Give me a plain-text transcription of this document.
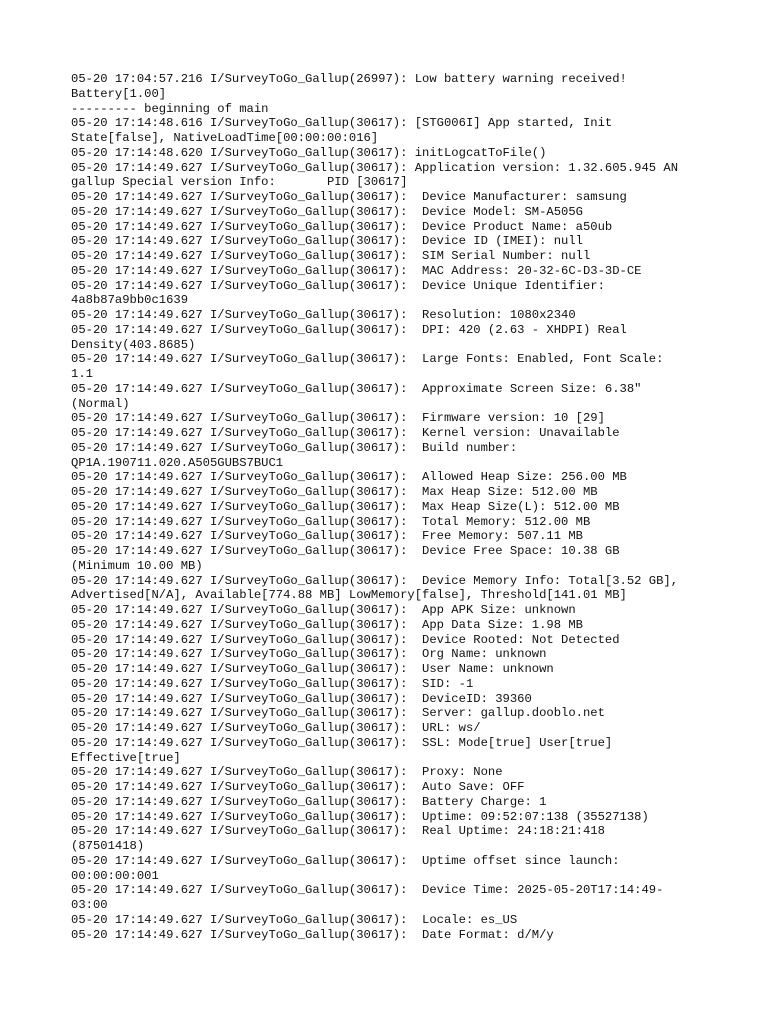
05-20 17:04:57.216 I/SurveyToGo_Gallup(26997): Low battery warning received!
Battery[1.00]
--------- beginning of main
05-20 17:14:48.616 I/SurveyToGo_Gallup(30617): [STG006I] App started, Init
State[false], NativeLoadTime[00:00:00:016]
05-20 17:14:48.620 I/SurveyToGo_Gallup(30617): initLogcatToFile()
05-20 17:14:49.627 I/SurveyToGo_Gallup(30617): Application version: 1.32.605.945 AN
gallup Special version Info:       PID [30617]
05-20 17:14:49.627 I/SurveyToGo_Gallup(30617):  Device Manufacturer: samsung
05-20 17:14:49.627 I/SurveyToGo_Gallup(30617):  Device Model: SM-A505G
05-20 17:14:49.627 I/SurveyToGo_Gallup(30617):  Device Product Name: a50ub
05-20 17:14:49.627 I/SurveyToGo_Gallup(30617):  Device ID (IMEI): null
05-20 17:14:49.627 I/SurveyToGo_Gallup(30617):  SIM Serial Number: null
05-20 17:14:49.627 I/SurveyToGo_Gallup(30617):  MAC Address: 20-32-6C-D3-3D-CE
05-20 17:14:49.627 I/SurveyToGo_Gallup(30617):  Device Unique Identifier:
4a8b87a9bb0c1639
05-20 17:14:49.627 I/SurveyToGo_Gallup(30617):  Resolution: 1080x2340
05-20 17:14:49.627 I/SurveyToGo_Gallup(30617):  DPI: 420 (2.63 - XHDPI) Real
Density(403.8685)
05-20 17:14:49.627 I/SurveyToGo_Gallup(30617):  Large Fonts: Enabled, Font Scale:
1.1
05-20 17:14:49.627 I/SurveyToGo_Gallup(30617):  Approximate Screen Size: 6.38"
(Normal)
05-20 17:14:49.627 I/SurveyToGo_Gallup(30617):  Firmware version: 10 [29]
05-20 17:14:49.627 I/SurveyToGo_Gallup(30617):  Kernel version: Unavailable
05-20 17:14:49.627 I/SurveyToGo_Gallup(30617):  Build number:
QP1A.190711.020.A505GUBS7BUC1
05-20 17:14:49.627 I/SurveyToGo_Gallup(30617):  Allowed Heap Size: 256.00 MB
05-20 17:14:49.627 I/SurveyToGo_Gallup(30617):  Max Heap Size: 512.00 MB
05-20 17:14:49.627 I/SurveyToGo_Gallup(30617):  Max Heap Size(L): 512.00 MB
05-20 17:14:49.627 I/SurveyToGo_Gallup(30617):  Total Memory: 512.00 MB
05-20 17:14:49.627 I/SurveyToGo_Gallup(30617):  Free Memory: 507.11 MB
05-20 17:14:49.627 I/SurveyToGo_Gallup(30617):  Device Free Space: 10.38 GB
(Minimum 10.00 MB)
05-20 17:14:49.627 I/SurveyToGo_Gallup(30617):  Device Memory Info: Total[3.52 GB],
Advertised[N/A], Available[774.88 MB] LowMemory[false], Threshold[141.01 MB]
05-20 17:14:49.627 I/SurveyToGo_Gallup(30617):  App APK Size: unknown
05-20 17:14:49.627 I/SurveyToGo_Gallup(30617):  App Data Size: 1.98 MB
05-20 17:14:49.627 I/SurveyToGo_Gallup(30617):  Device Rooted: Not Detected
05-20 17:14:49.627 I/SurveyToGo_Gallup(30617):  Org Name: unknown
05-20 17:14:49.627 I/SurveyToGo_Gallup(30617):  User Name: unknown
05-20 17:14:49.627 I/SurveyToGo_Gallup(30617):  SID: -1
05-20 17:14:49.627 I/SurveyToGo_Gallup(30617):  DeviceID: 39360
05-20 17:14:49.627 I/SurveyToGo_Gallup(30617):  Server: gallup.dooblo.net
05-20 17:14:49.627 I/SurveyToGo_Gallup(30617):  URL: ws/
05-20 17:14:49.627 I/SurveyToGo_Gallup(30617):  SSL: Mode[true] User[true]
Effective[true]
05-20 17:14:49.627 I/SurveyToGo_Gallup(30617):  Proxy: None
05-20 17:14:49.627 I/SurveyToGo_Gallup(30617):  Auto Save: OFF
05-20 17:14:49.627 I/SurveyToGo_Gallup(30617):  Battery Charge: 1
05-20 17:14:49.627 I/SurveyToGo_Gallup(30617):  Uptime: 09:52:07:138 (35527138)
05-20 17:14:49.627 I/SurveyToGo_Gallup(30617):  Real Uptime: 24:18:21:418
(87501418)
05-20 17:14:49.627 I/SurveyToGo_Gallup(30617):  Uptime offset since launch:
00:00:00:001
05-20 17:14:49.627 I/SurveyToGo_Gallup(30617):  Device Time: 2025-05-20T17:14:49-
03:00
05-20 17:14:49.627 I/SurveyToGo_Gallup(30617):  Locale: es_US
05-20 17:14:49.627 I/SurveyToGo_Gallup(30617):  Date Format: d/M/y
